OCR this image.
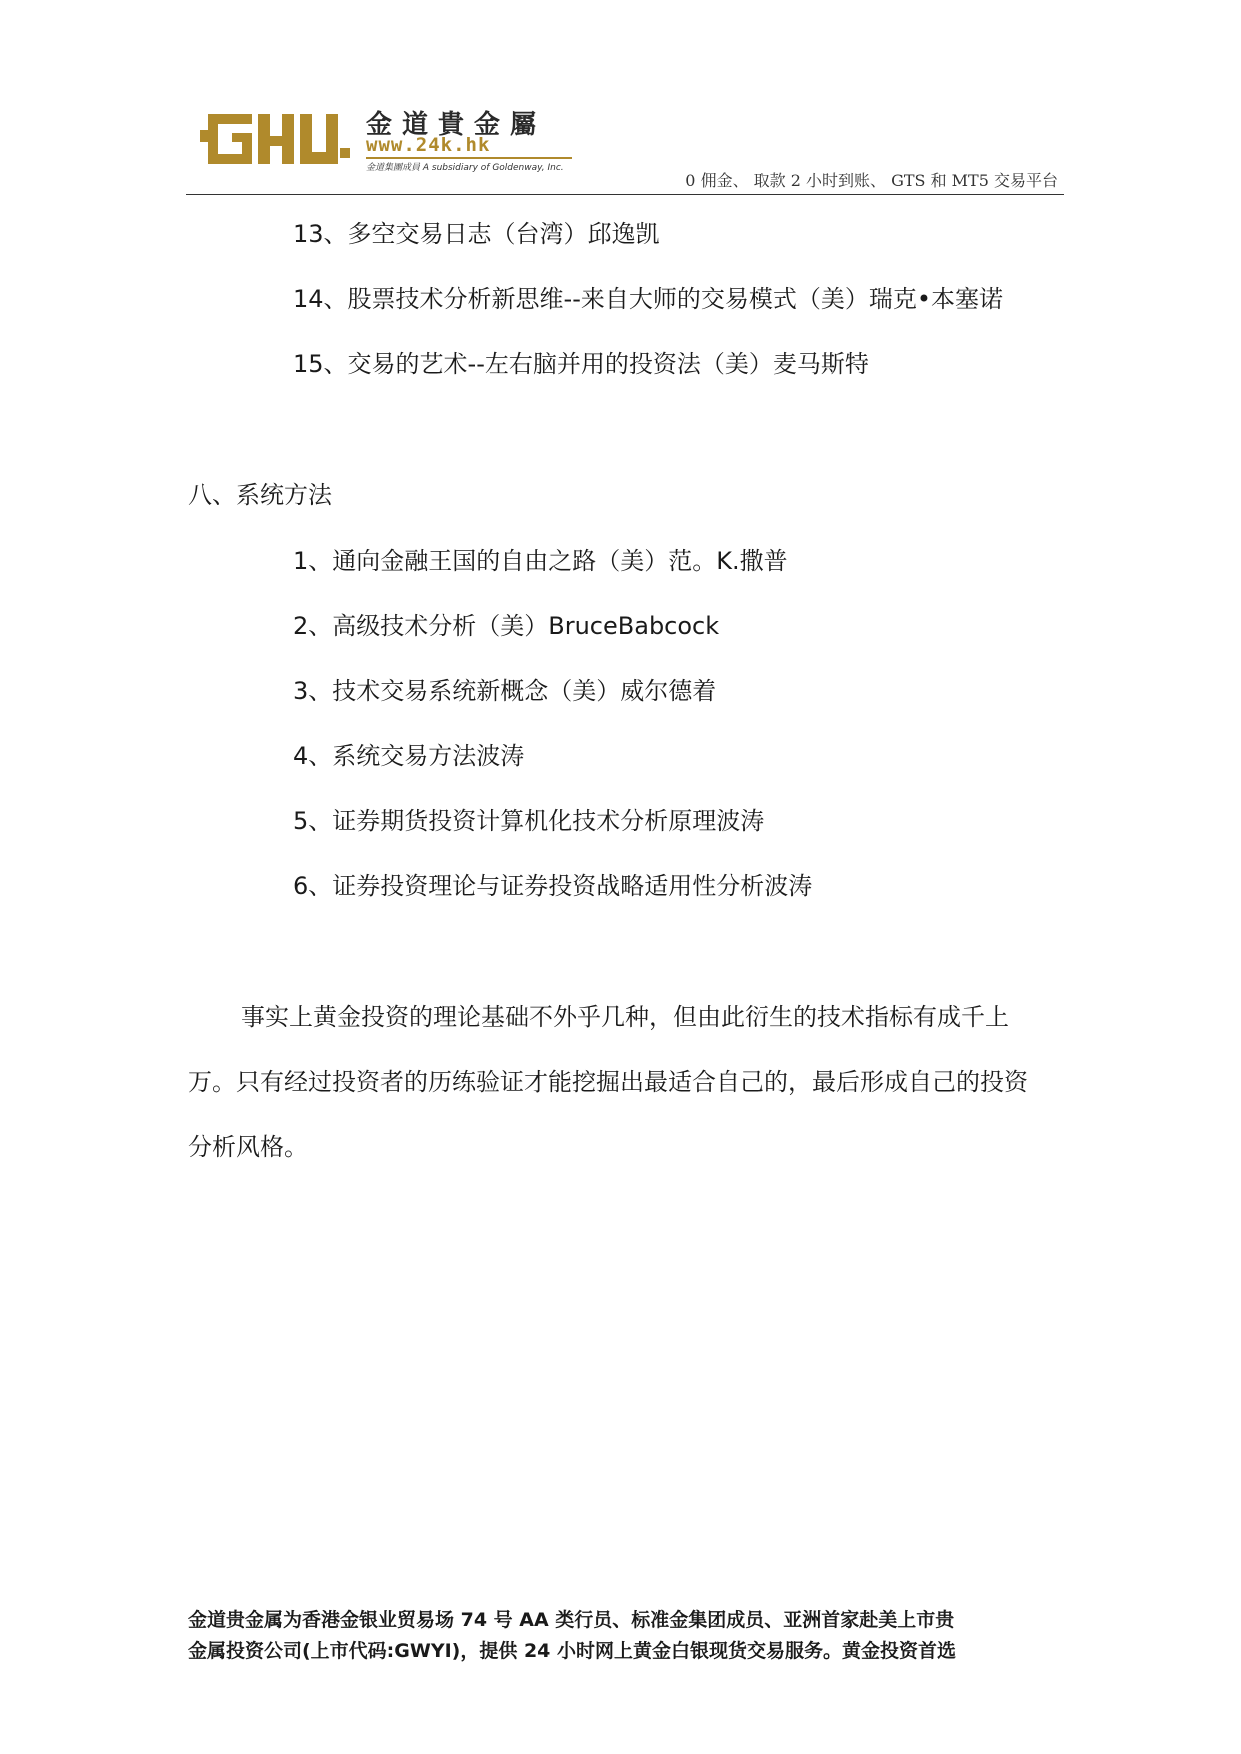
金道貴金屬
www.24k.hk
金道集團成員 A subsidiary of Goldenway, Inc.
0 佣金、 取款 2 小时到账、 GTS 和 MT5 交易平台
13、多空交易日志（台湾）邱逸凯
14、股票技术分析新思维--来自大师的交易模式（美）瑞克•本塞诺
15、交易的艺术--左右脑并用的投资法（美）麦马斯特
八、系统方法
1、通向金融王国的自由之路（美）范。K.撒普
2、高级技术分析（美）BruceBabcock
3、技术交易系统新概念（美）威尔德着
4、系统交易方法波涛
5、证券期货投资计算机化技术分析原理波涛
6、证券投资理论与证券投资战略适用性分析波涛
事实上黄金投资的理论基础不外乎几种，但由此衍生的技术指标有成千上
万。只有经过投资者的历练验证才能挖掘出最适合自己的，最后形成自己的投资
分析风格。
金道贵金属为香港金银业贸易场 74 号 AA 类行员、标准金集团成员、亚洲首家赴美上市贵
金属投资公司(上市代码:GWYI)，提供 24 小时网上黄金白银现货交易服务。黄金投资首选
